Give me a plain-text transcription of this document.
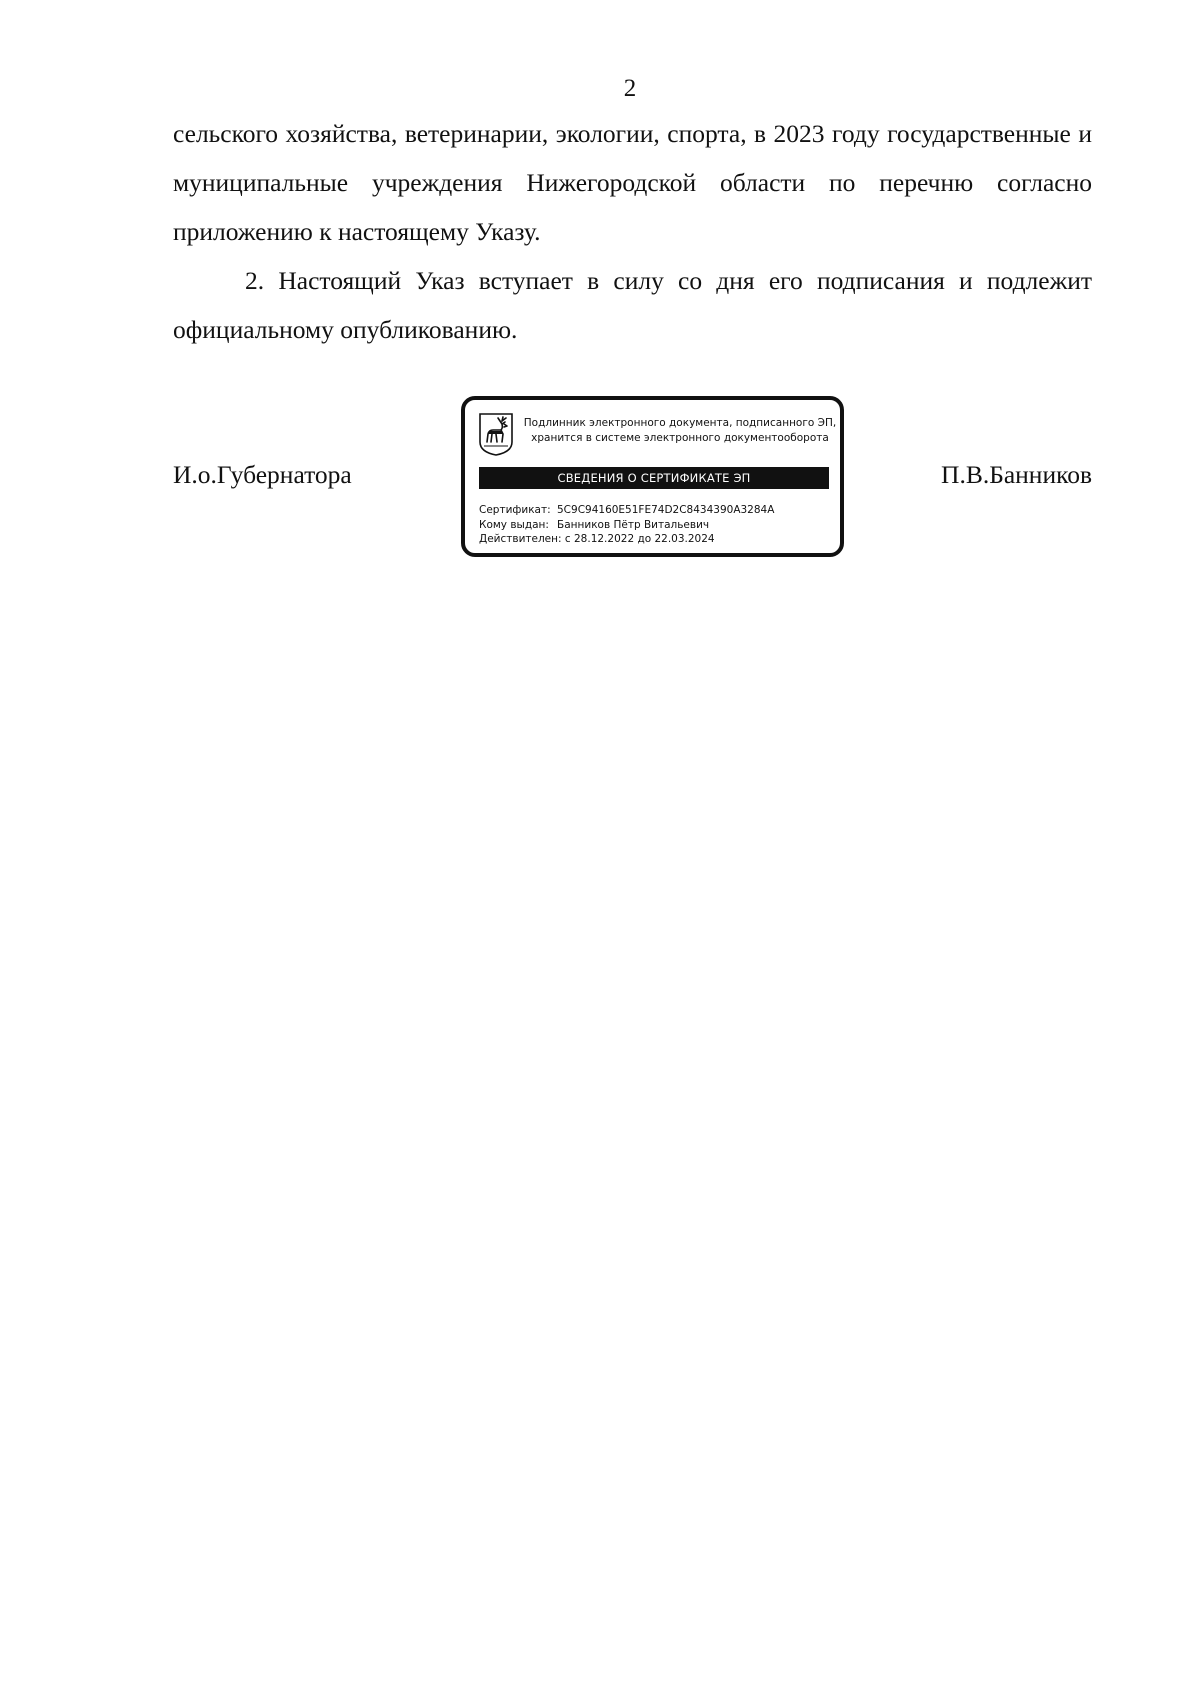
2

сельского хозяйства, ветеринарии, экологии, спорта, в 2023 году государственные и муниципальные учреждения Нижегородской области по перечню согласно приложению к настоящему Указу.

2. Настоящий Указ вступает в силу со дня его подписания и подлежит официальному опубликованию.

И.о.Губернатора	П.В.Банников
Подлинник электронного документа, подписанного ЭП,
хранится в системе электронного документооборота
СВЕДЕНИЯ О СЕРТИФИКАТЕ ЭП
Сертификат: 5C9C94160E51FE74D2C8434390A3284A
Кому выдан: Банников Пётр Витальевич
Действителен: с 28.12.2022 до 22.03.2024
